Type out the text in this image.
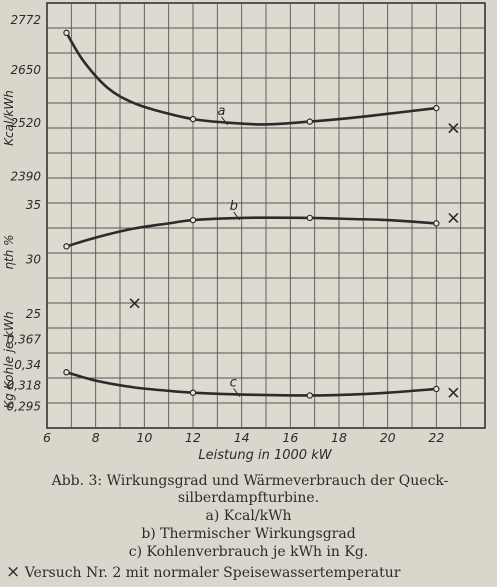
2772
2650
2520
2390
35
30
25
0,367
0,34
0,318
0,295
6	8	10	12	14	16	18	20	22
Kcal/kWh
ηth %
Kg Kohle je kWh
a
b
c
Leistung in 1000 kW
Abb. 3: Wirkungsgrad und Wärmeverbrauch der Queck-
silberdampfturbine.
a) Kcal/kWh
b) Thermischer Wirkungsgrad
c) Kohlenverbrauch je kWh in Kg.
× Versuch Nr. 2 mit normaler Speisewassertemperatur
